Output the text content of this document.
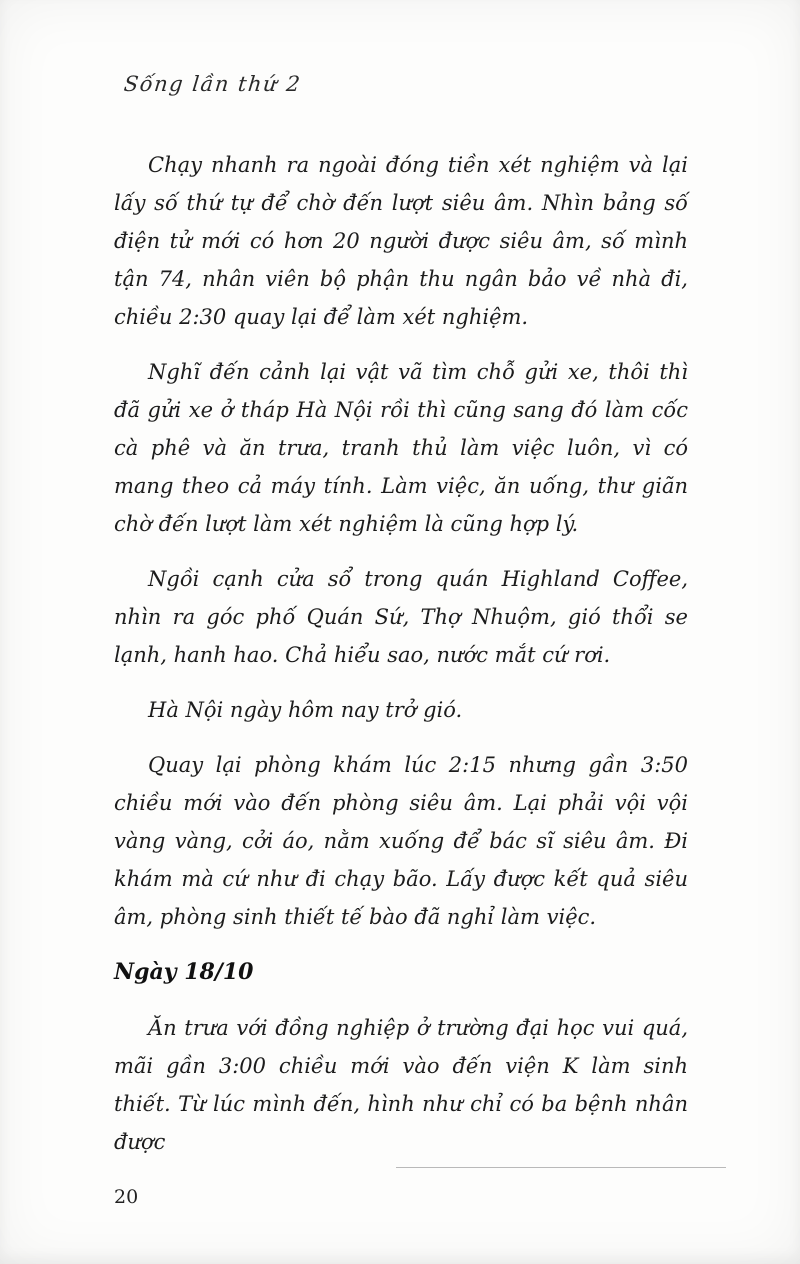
Sống lần thứ 2

Chạy nhanh ra ngoài đóng tiền xét nghiệm và lại lấy số thứ tự để chờ đến lượt siêu âm. Nhìn bảng số điện tử mới có hơn 20 người được siêu âm, số mình tận 74, nhân viên bộ phận thu ngân bảo về nhà đi, chiều 2:30 quay lại để làm xét nghiệm.

Nghĩ đến cảnh lại vật vã tìm chỗ gửi xe, thôi thì đã gửi xe ở tháp Hà Nội rồi thì cũng sang đó làm cốc cà phê và ăn trưa, tranh thủ làm việc luôn, vì có mang theo cả máy tính. Làm việc, ăn uống, thư giãn chờ đến lượt làm xét nghiệm là cũng hợp lý.

Ngồi cạnh cửa sổ trong quán Highland Coffee, nhìn ra góc phố Quán Sứ, Thợ Nhuộm, gió thổi se lạnh, hanh hao. Chả hiểu sao, nước mắt cứ rơi.

Hà Nội ngày hôm nay trở gió.

Quay lại phòng khám lúc 2:15 nhưng gần 3:50 chiều mới vào đến phòng siêu âm. Lại phải vội vội vàng vàng, cởi áo, nằm xuống để bác sĩ siêu âm. Đi khám mà cứ như đi chạy bão. Lấy được kết quả siêu âm, phòng sinh thiết tế bào đã nghỉ làm việc.

Ngày 18/10

Ăn trưa với đồng nghiệp ở trường đại học vui quá, mãi gần 3:00 chiều mới vào đến viện K làm sinh thiết. Từ lúc mình đến, hình như chỉ có ba bệnh nhân được

20
